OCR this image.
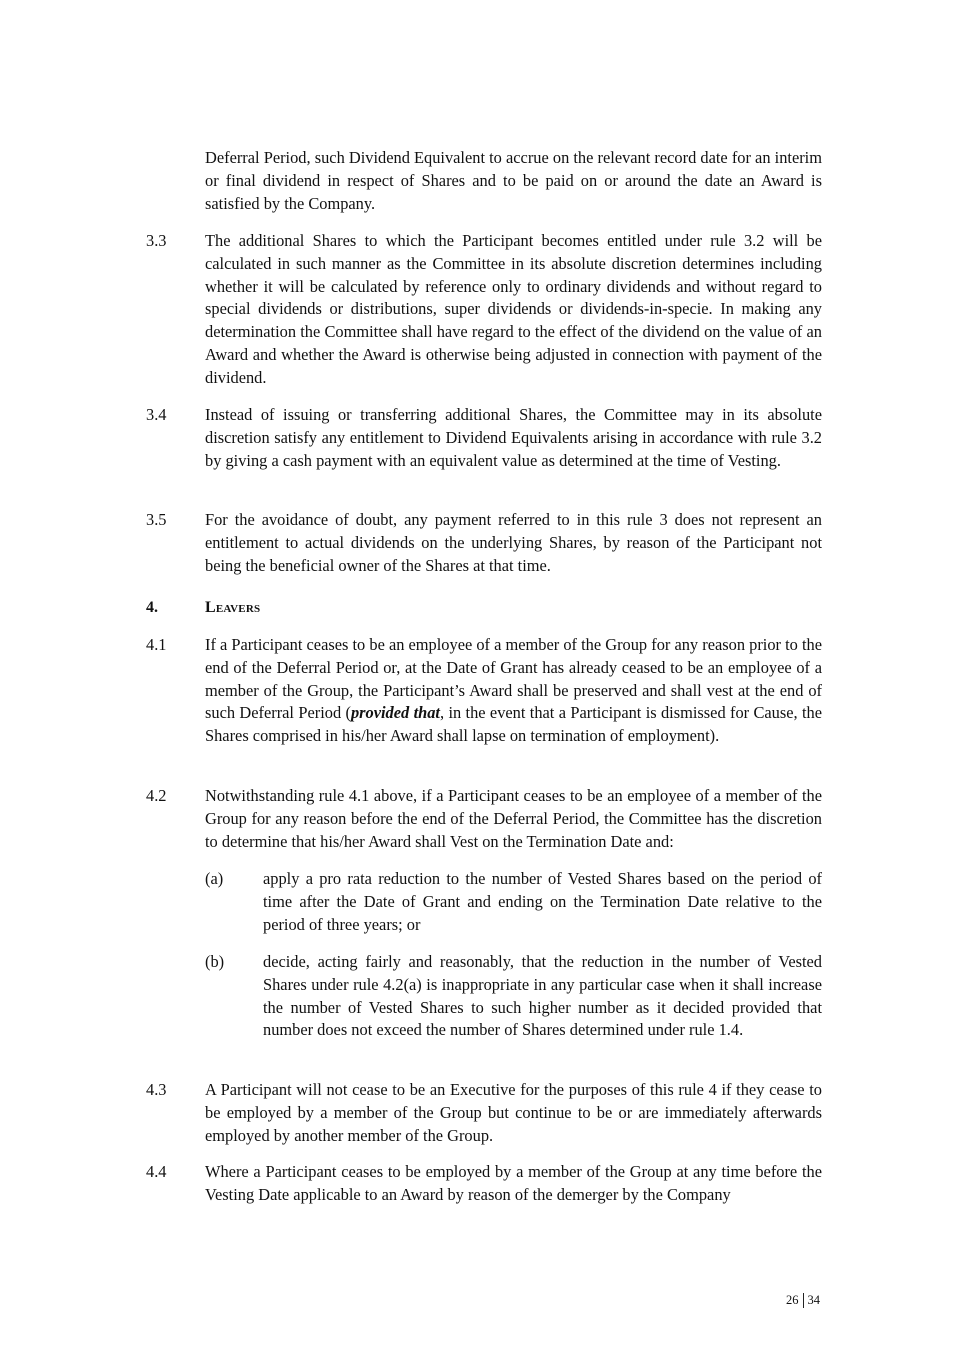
Deferral Period, such Dividend Equivalent to accrue on the relevant record date for an interim or final dividend in respect of Shares and to be paid on or around the date an Award is satisfied by the Company.

3.3 The additional Shares to which the Participant becomes entitled under rule 3.2 will be calculated in such manner as the Committee in its absolute discretion determines including whether it will be calculated by reference only to ordinary dividends and without regard to special dividends or distributions, super dividends or dividends-in-specie. In making any determination the Committee shall have regard to the effect of the dividend on the value of an Award and whether the Award is otherwise being adjusted in connection with payment of the dividend.

3.4 Instead of issuing or transferring additional Shares, the Committee may in its absolute discretion satisfy any entitlement to Dividend Equivalents arising in accordance with rule 3.2 by giving a cash payment with an equivalent value as determined at the time of Vesting.

3.5 For the avoidance of doubt, any payment referred to in this rule 3 does not represent an entitlement to actual dividends on the underlying Shares, by reason of the Participant not being the beneficial owner of the Shares at that time.

4.	Leavers
4.1 If a Participant ceases to be an employee of a member of the Group for any reason prior to the end of the Deferral Period or, at the Date of Grant has already ceased to be an employee of a member of the Group, the Participant’s Award shall be preserved and shall vest at the end of such Deferral Period (provided that, in the event that a Participant is dismissed for Cause, the Shares comprised in his/her Award shall lapse on termination of employment).

4.2 Notwithstanding rule 4.1 above, if a Participant ceases to be an employee of a member of the Group for any reason before the end of the Deferral Period, the Committee has the discretion to determine that his/her Award shall Vest on the Termination Date and:

(a) apply a pro rata reduction to the number of Vested Shares based on the period of time after the Date of Grant and ending on the Termination Date relative to the period of three years; or

(b) decide, acting fairly and reasonably, that the reduction in the number of Vested Shares under rule 4.2(a) is inappropriate in any particular case when it shall increase the number of Vested Shares to such higher number as it decided provided that number does not exceed the number of Shares determined under rule 1.4.

4.3 A Participant will not cease to be an Executive for the purposes of this rule 4 if they cease to be employed by a member of the Group but continue to be or are immediately afterwards employed by another member of the Group.

4.4 Where a Participant ceases to be employed by a member of the Group at any time before the Vesting Date applicable to an Award by reason of the demerger by the Company

26 34
